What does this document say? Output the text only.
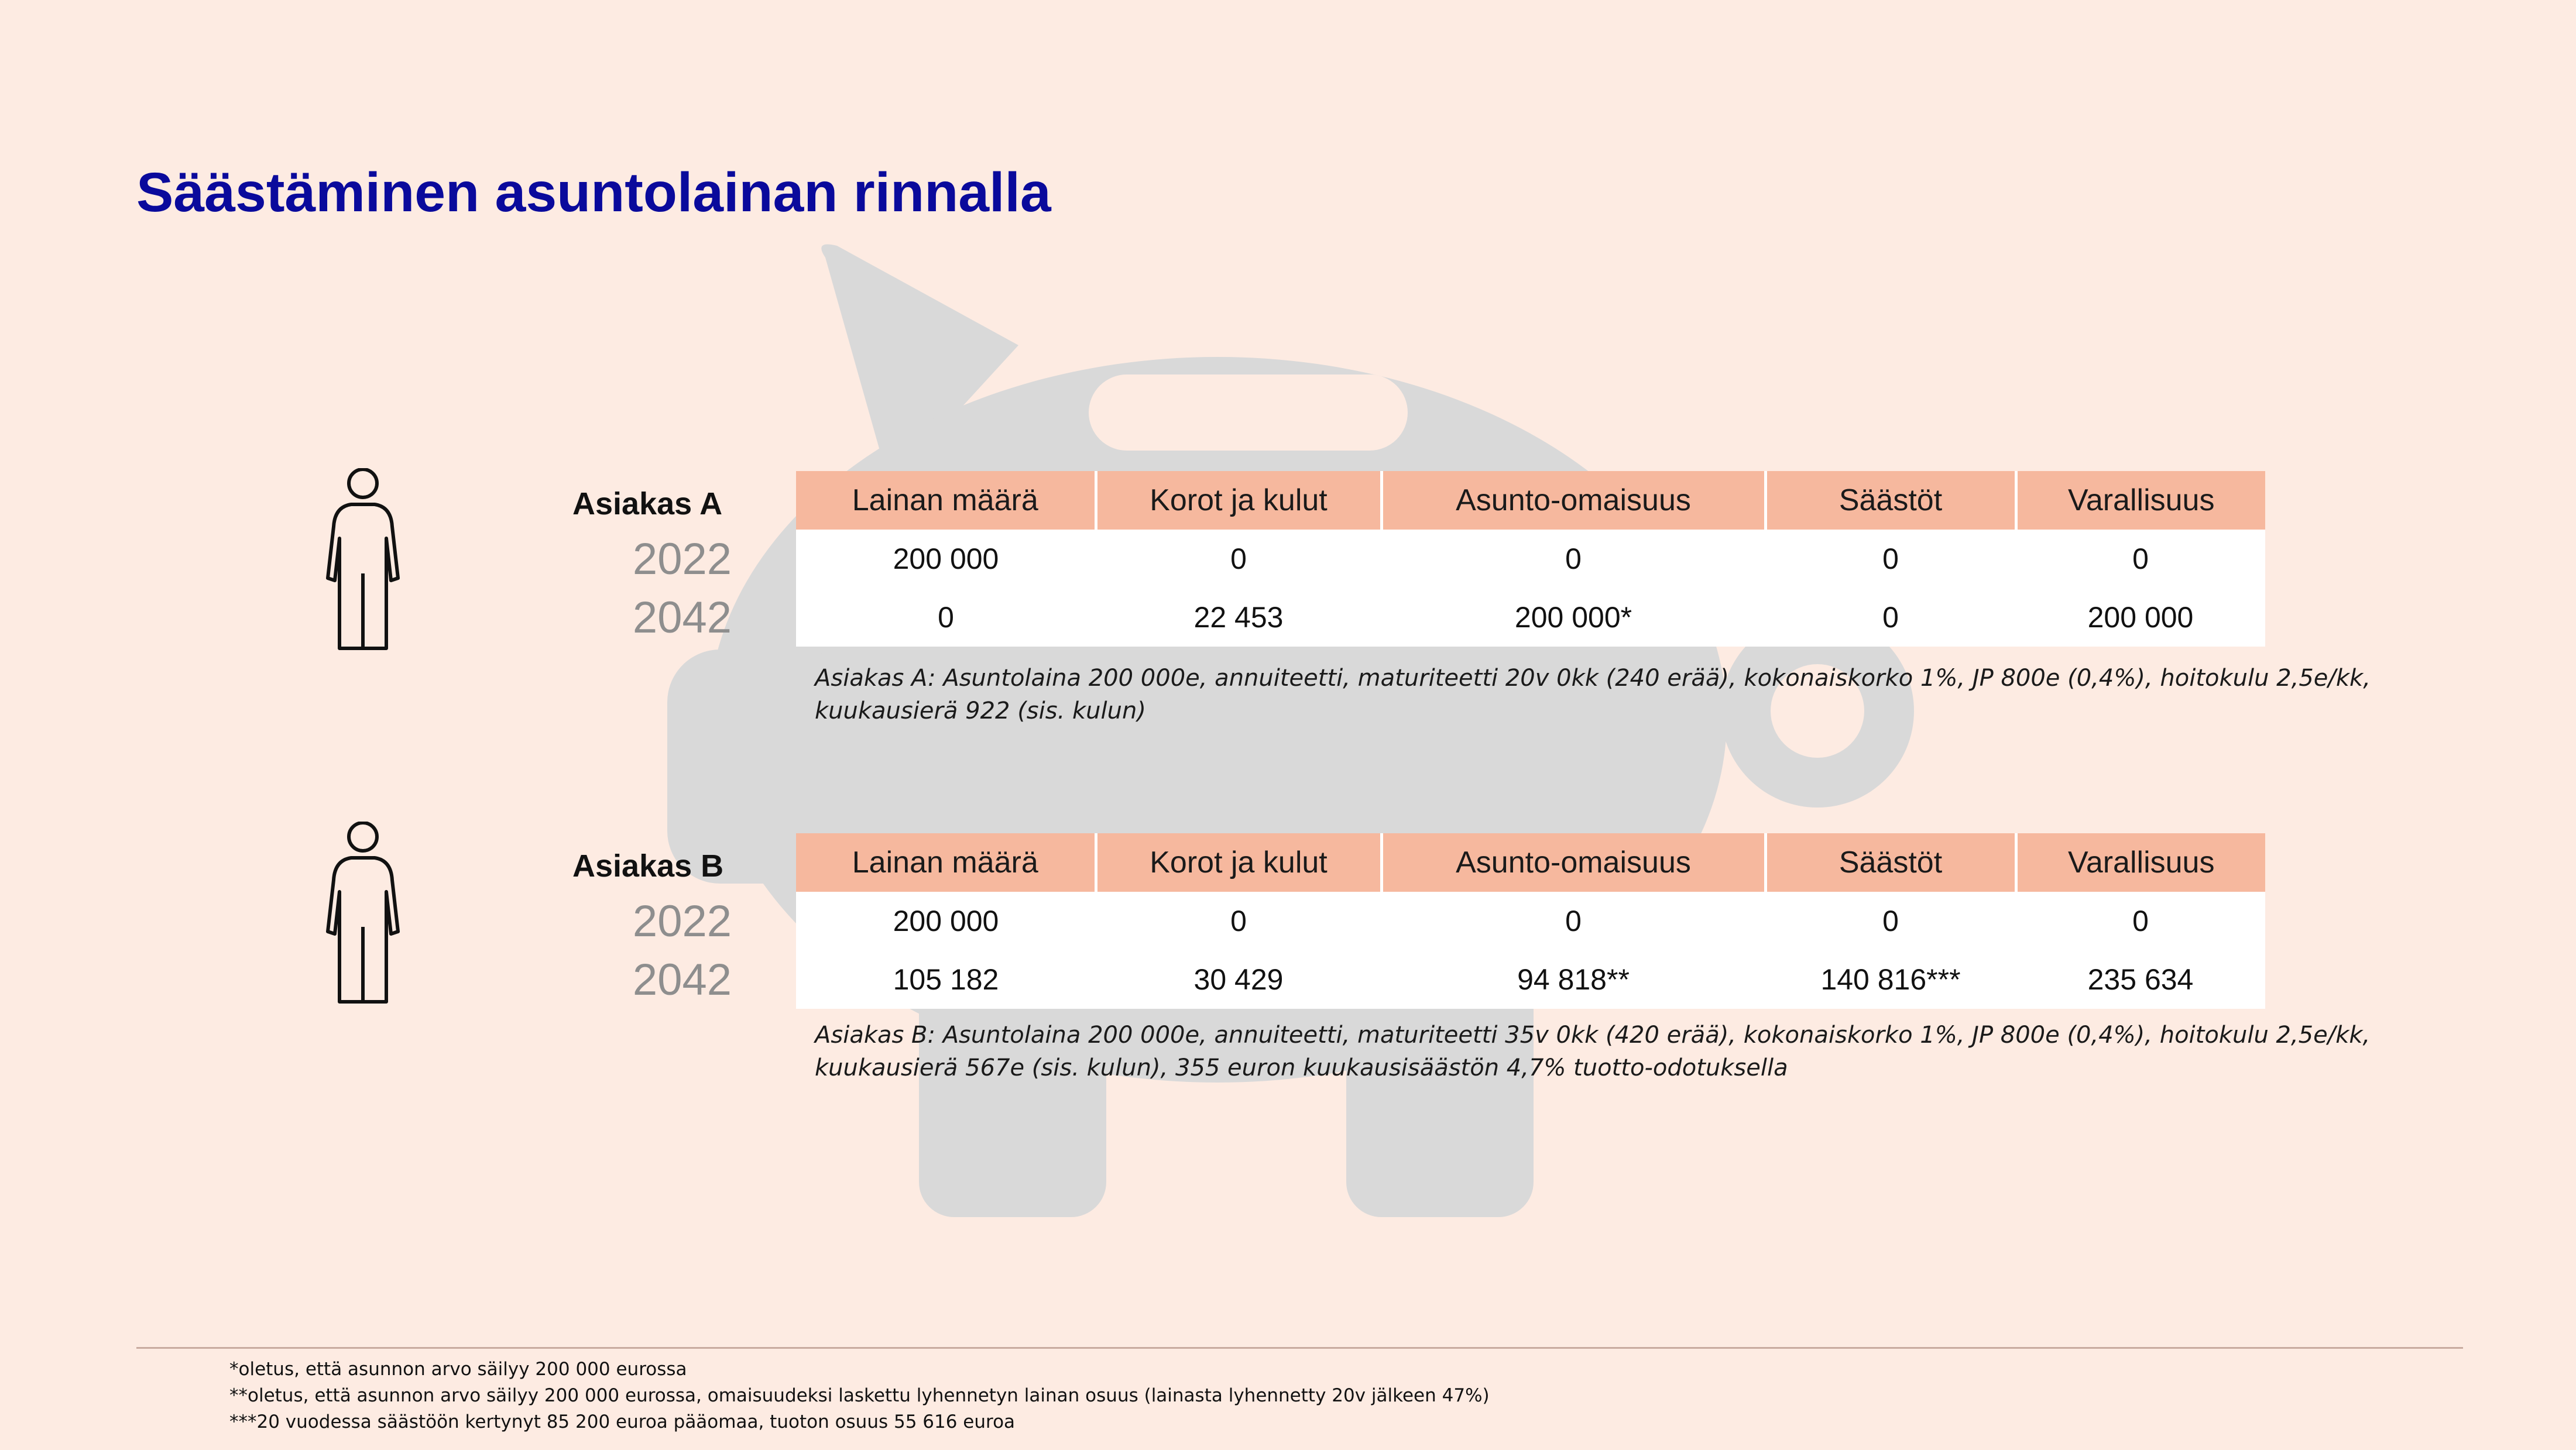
Säästäminen asuntolainan rinnalla
Asiakas A
2022
2042
Lainan määrä	Korot ja kulut	Asunto-omaisuus	Säästöt	Varallisuus
200 000	0	0	0	0
0	22 453	200 000*	0	200 000
Asiakas A: Asuntolaina 200 000e, annuiteetti, maturiteetti 20v 0kk (240 erää), kokonaiskorko 1%, JP 800e (0,4%), hoitokulu 2,5e/kk, kuukausierä 922 (sis. kulun)
Asiakas B
2022
2042
Lainan määrä	Korot ja kulut	Asunto-omaisuus	Säästöt	Varallisuus
200 000	0	0	0	0
105 182	30 429	94 818**	140 816***	235 634
Asiakas B: Asuntolaina 200 000e, annuiteetti, maturiteetti 35v 0kk (420 erää), kokonaiskorko 1%, JP 800e (0,4%), hoitokulu 2,5e/kk, kuukausierä 567e (sis. kulun), 355 euron kuukausisäästön 4,7% tuotto-odotuksella
*oletus, että asunnon arvo säilyy 200 000 eurossa
**oletus, että asunnon arvo säilyy 200 000 eurossa, omaisuudeksi laskettu lyhennetyn lainan osuus (lainasta lyhennetty 20v jälkeen 47%)
***20 vuodessa säästöön kertynyt 85 200 euroa pääomaa, tuoton osuus 55 616 euroa
